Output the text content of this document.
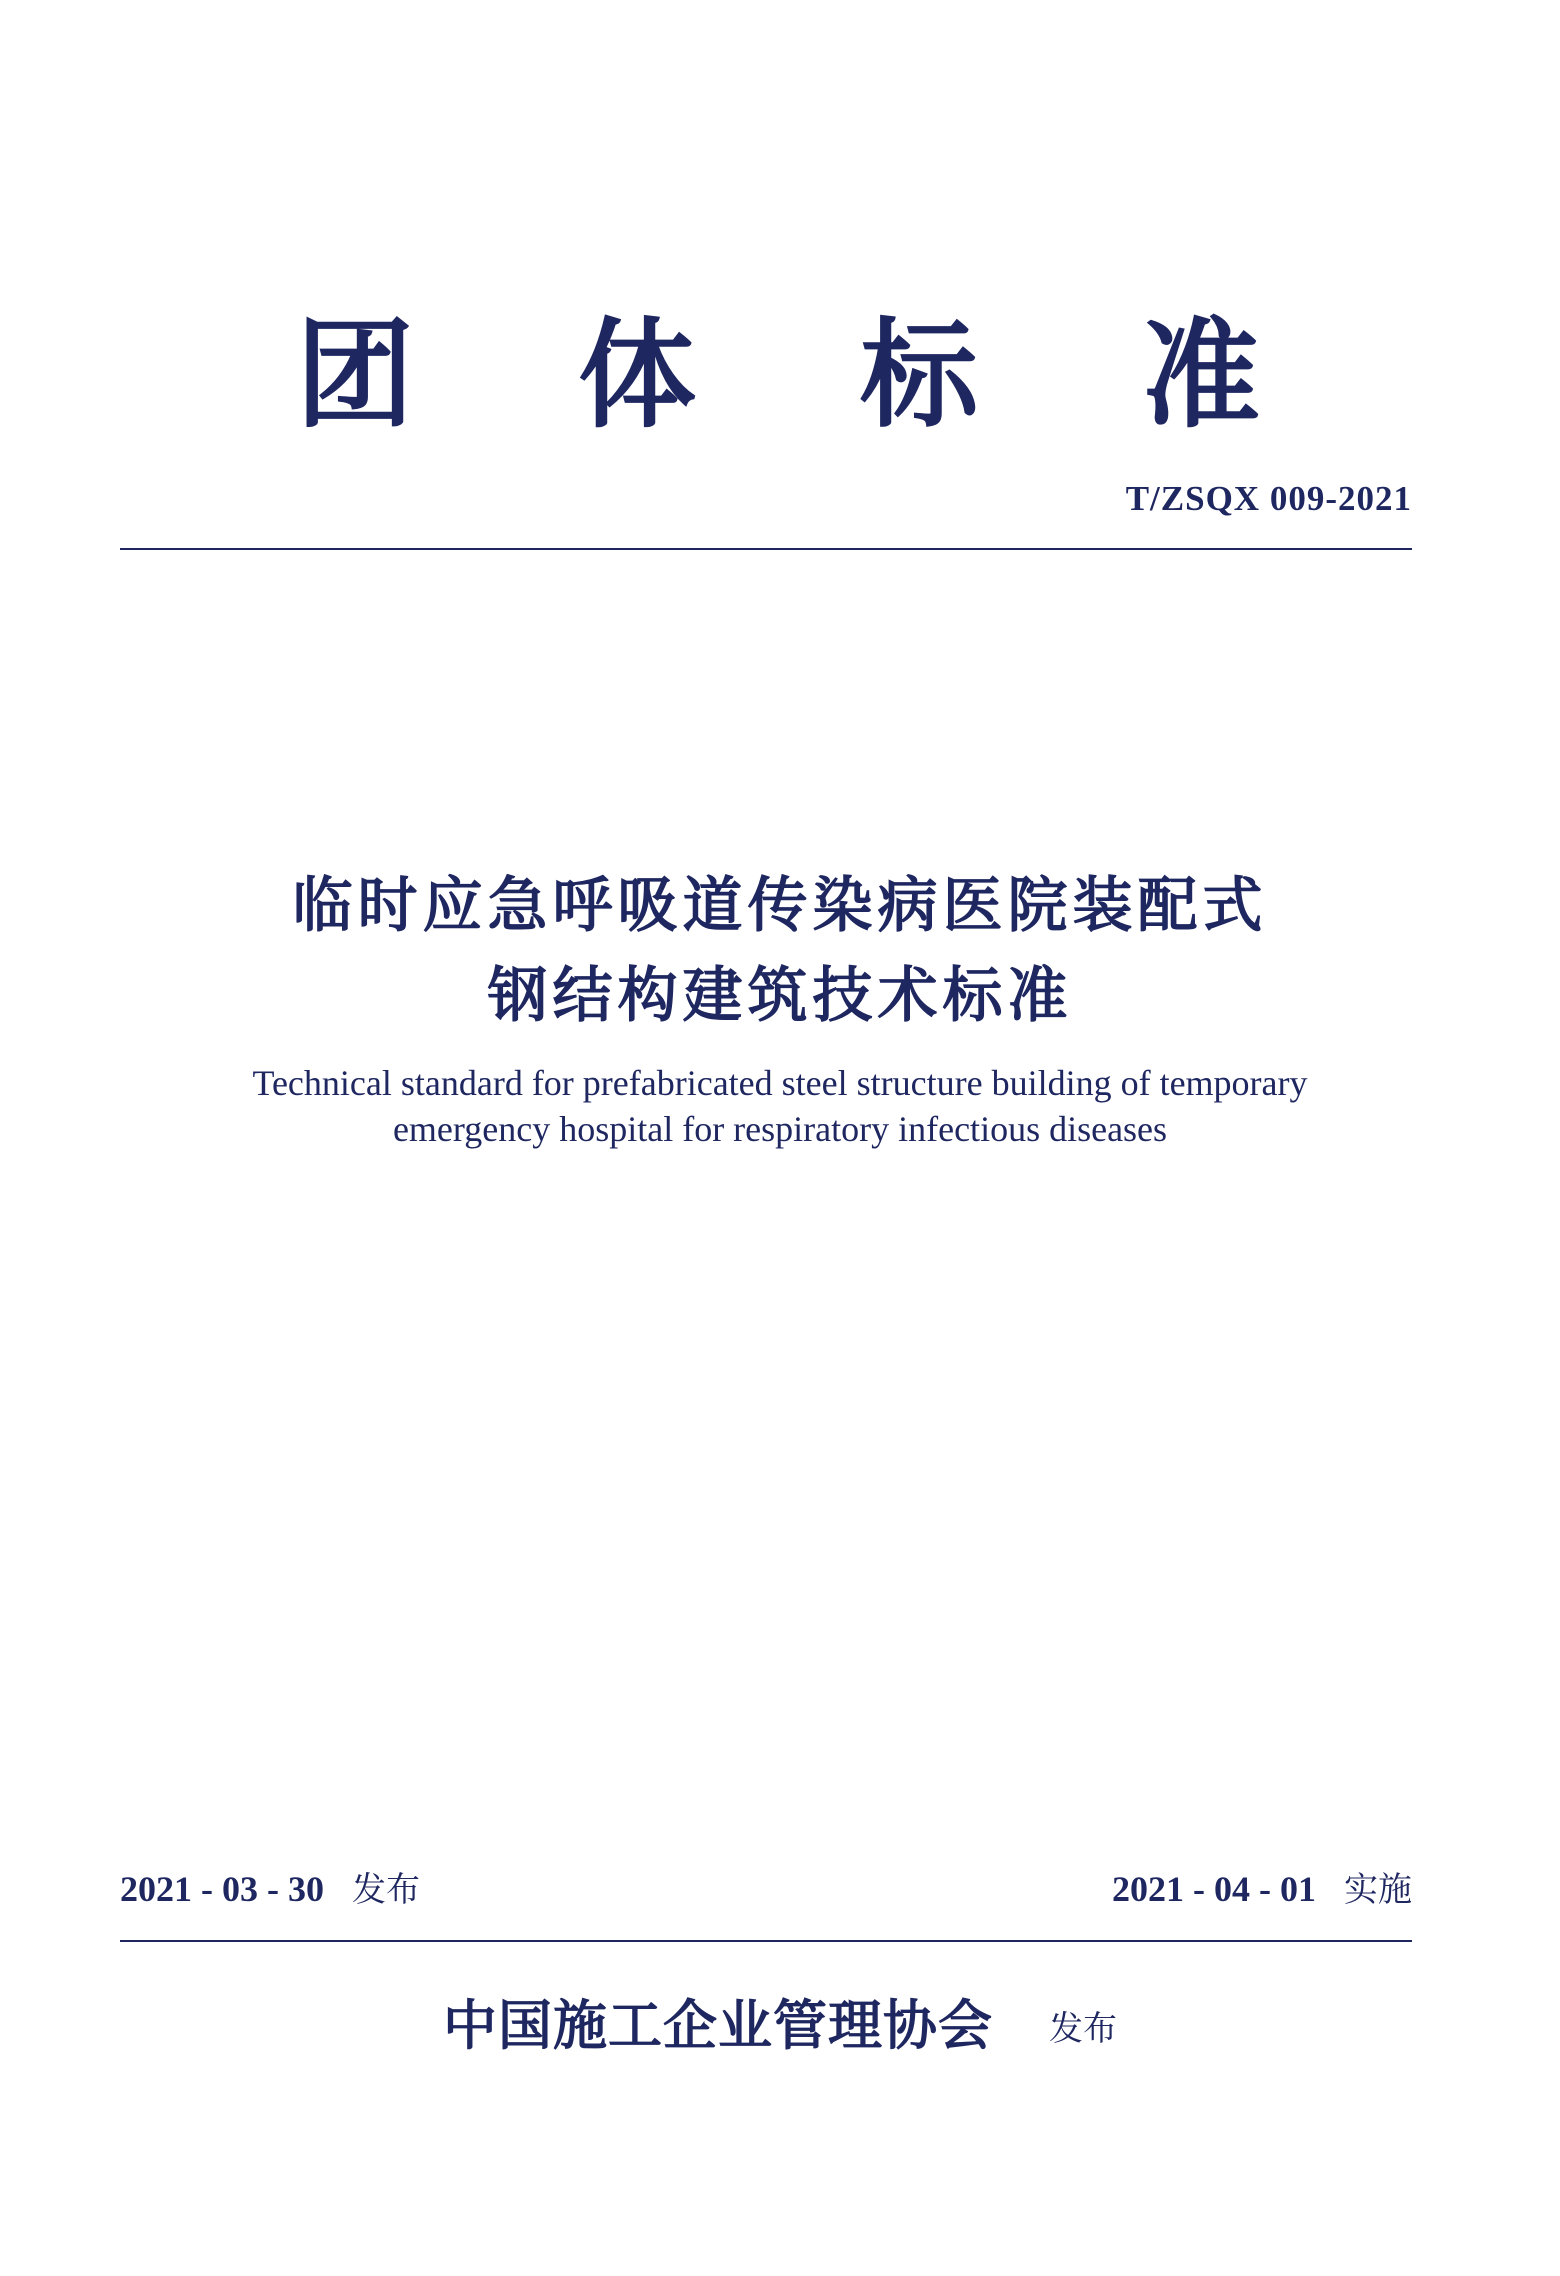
团 体 标 准
T/ZSQX 009-2021
临时应急呼吸道传染病医院装配式
钢结构建筑技术标准
Technical standard for prefabricated steel structure building of temporary
emergency hospital for respiratory infectious diseases
2021 - 03 - 30 发布	2021 - 04 - 01 实施
中国施工企业管理协会 发布
